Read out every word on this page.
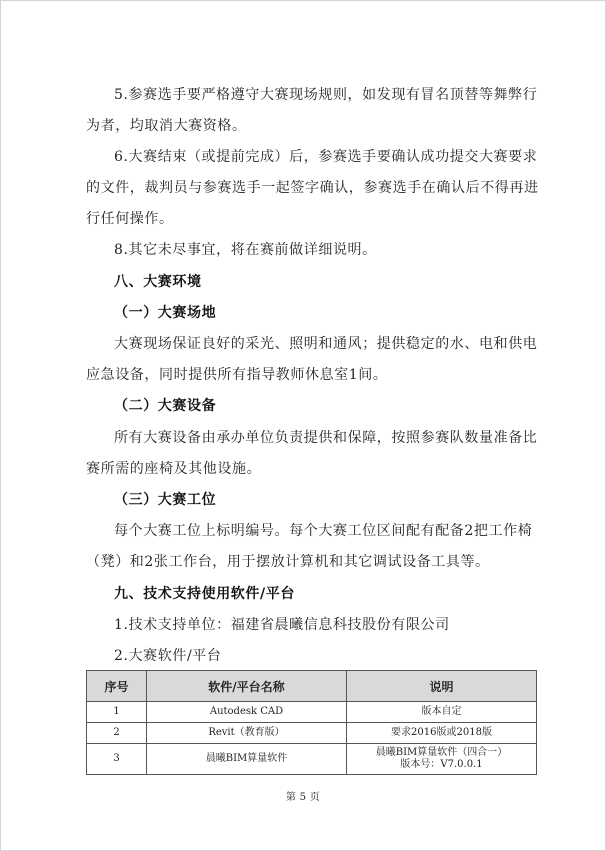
5.参赛选手要严格遵守大赛现场规则，如发现有冒名顶替等舞弊行
为者，均取消大赛资格。
6.大赛结束（或提前完成）后，参赛选手要确认成功提交大赛要求
的文件，裁判员与参赛选手一起签字确认，参赛选手在确认后不得再进
行任何操作。
8.其它未尽事宜，将在赛前做详细说明。
八、大赛环境
（一）大赛场地
大赛现场保证良好的采光、照明和通风；提供稳定的水、电和供电
应急设备，同时提供所有指导教师休息室1间。
（二）大赛设备
所有大赛设备由承办单位负责提供和保障，按照参赛队数量准备比
赛所需的座椅及其他设施。
（三）大赛工位
每个大赛工位上标明编号。每个大赛工位区间配有配备2把工作椅
（凳）和2张工作台，用于摆放计算机和其它调试设备工具等。
九、技术支持使用软件/平台
1.技术支持单位：福建省晨曦信息科技股份有限公司
2.大赛软件/平台
序号	软件/平台名称	说明
1	Autodesk CAD	版本自定

2	Revit（教育版）	要求2016版或2018版

3	晨曦BIM算量软件	晨曦BIM算量软件（四合一）
版本号：V7.0.0.1
第 5 页
